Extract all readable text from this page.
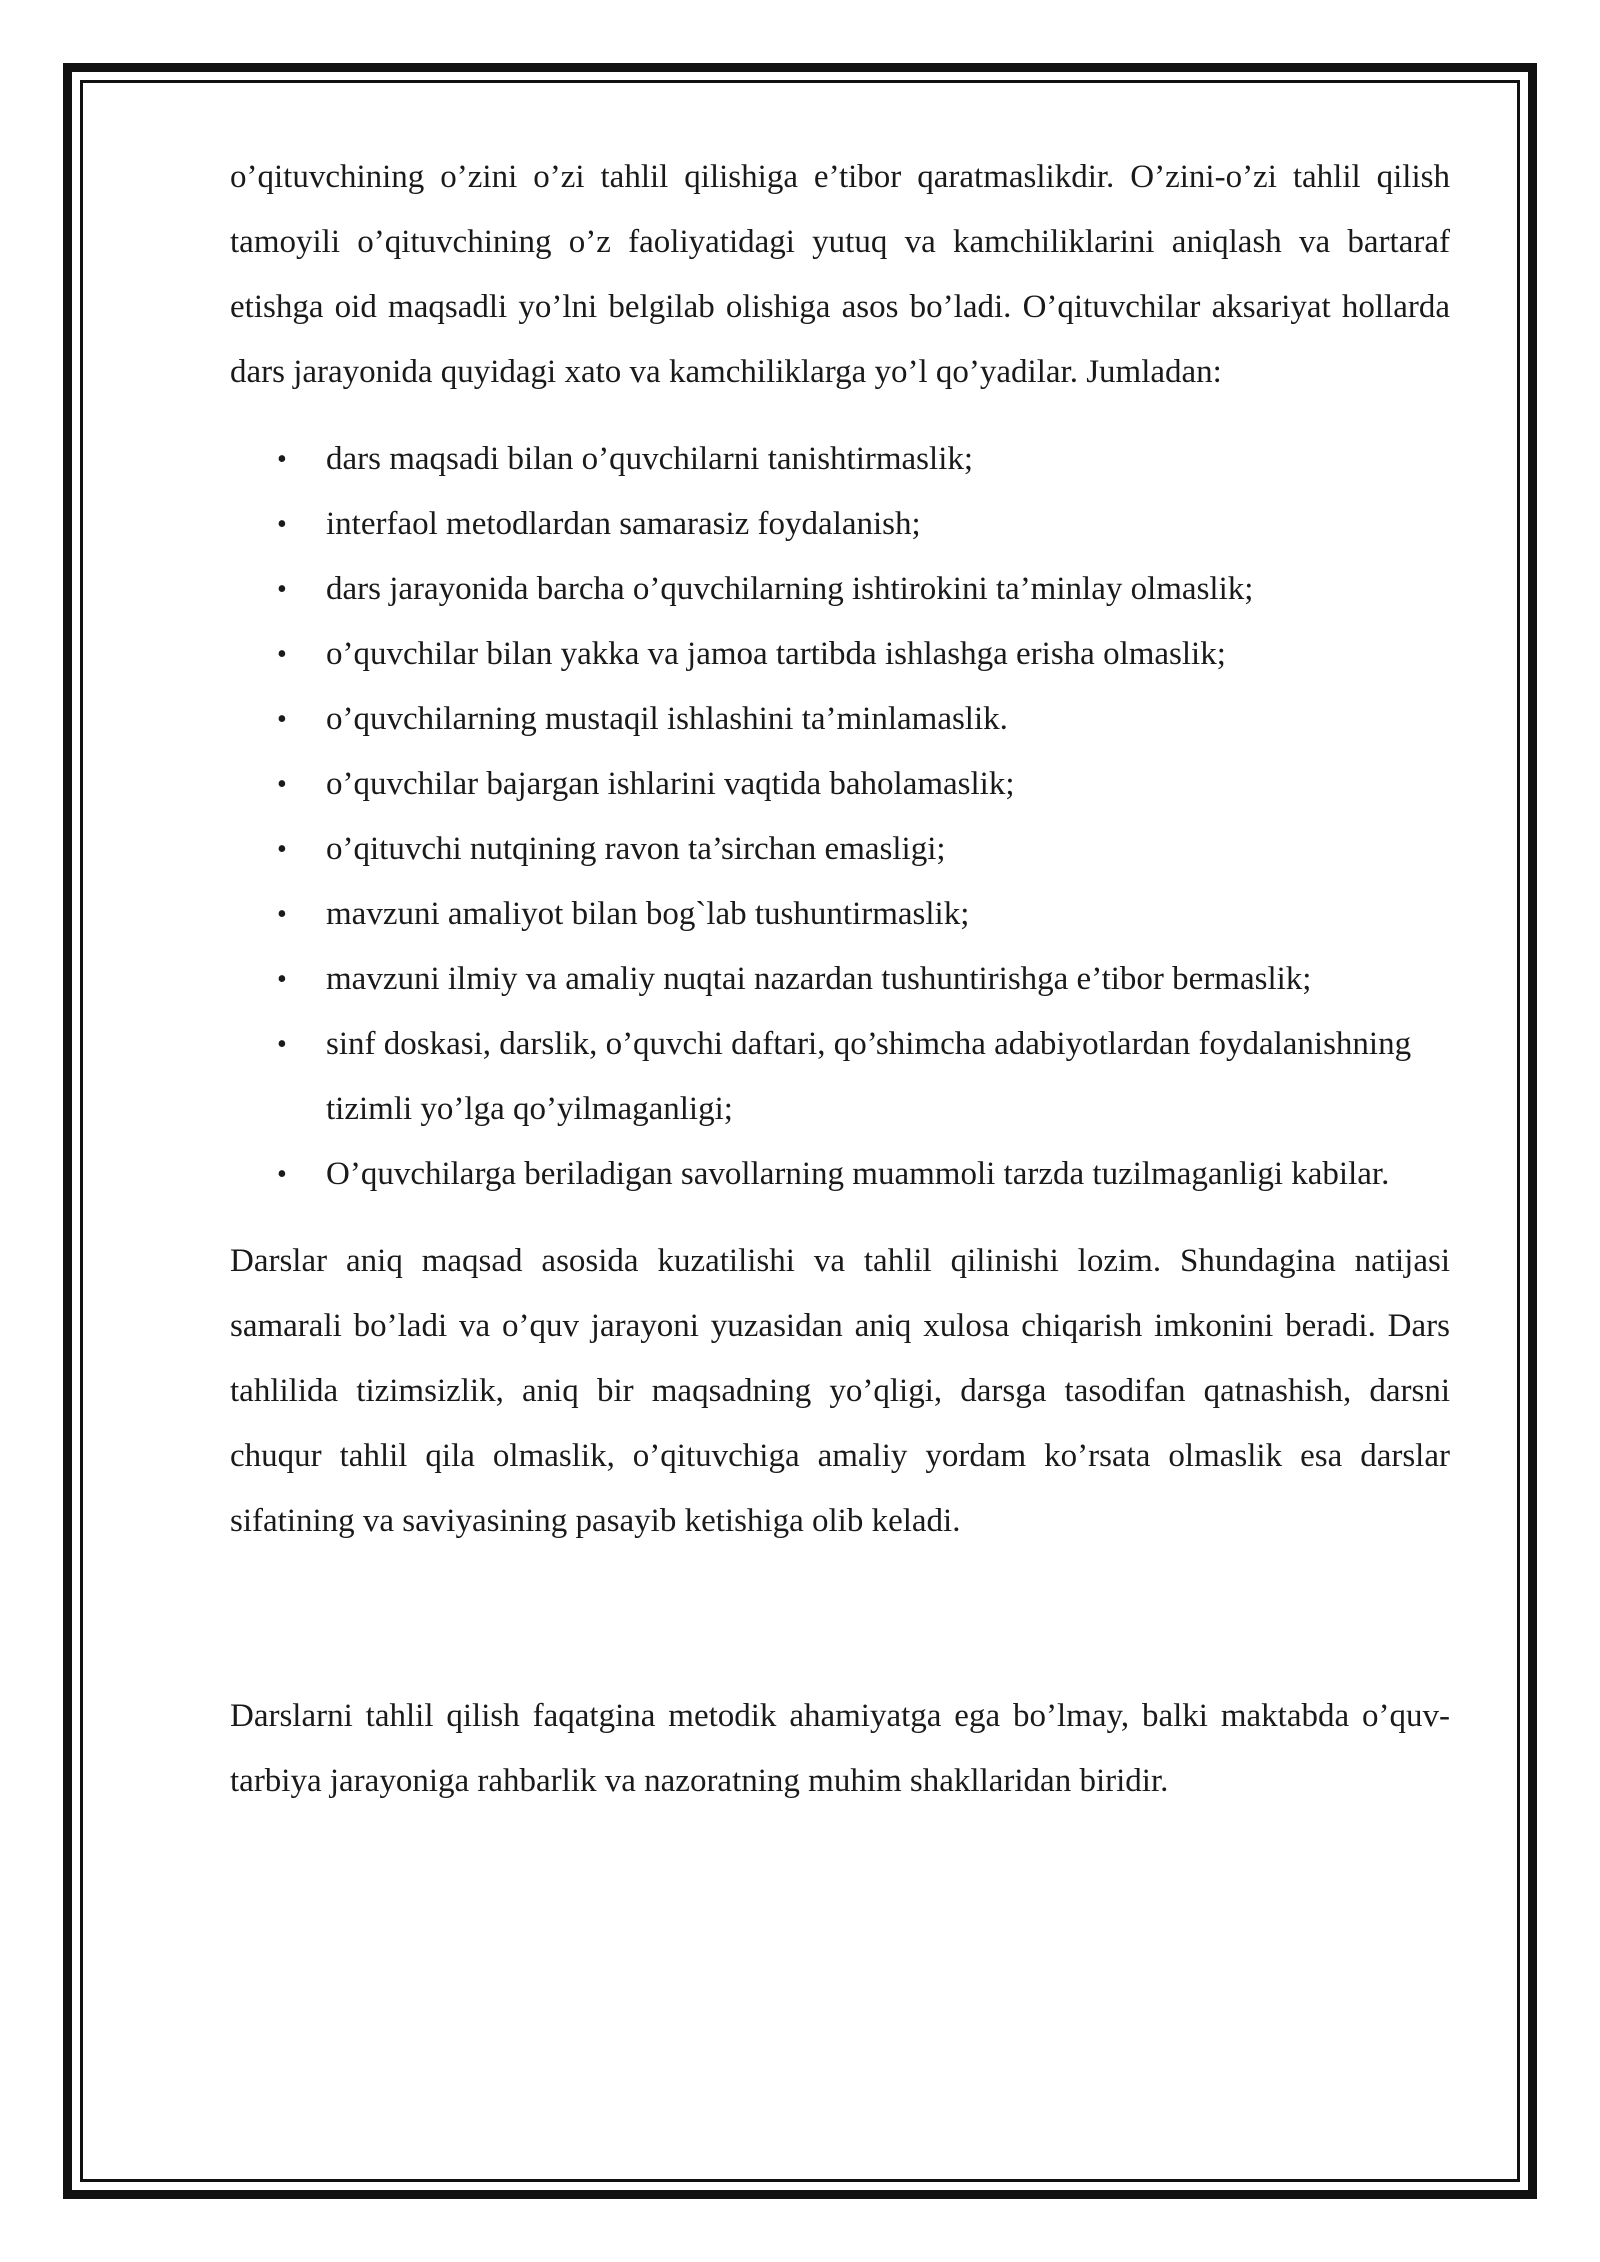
o’qituvchining o’zini o’zi tahlil qilishiga e’tibor qaratmaslikdir. O’zini-o’zi tahlil qilish tamoyili o’qituvchining o’z faoliyatidagi yutuq va kamchiliklarini aniqlash va bartaraf etishga oid maqsadli yo’lni belgilab olishiga asos bo’ladi. O’qituvchilar aksariyat hollarda dars jarayonida quyidagi xato va kamchiliklarga yo’l qo’yadilar. Jumladan:

• dars maqsadi bilan o’quvchilarni tanishtirmaslik;
• interfaol metodlardan samarasiz foydalanish;
• dars jarayonida barcha o’quvchilarning ishtirokini ta’minlay olmaslik;
• o’quvchilar bilan yakka va jamoa tartibda ishlashga erisha olmaslik;
• o’quvchilarning mustaqil ishlashini ta’minlamaslik.
• o’quvchilar bajargan ishlarini vaqtida baholamaslik;
• o’qituvchi nutqining ravon ta’sirchan emasligi;
• mavzuni amaliyot bilan bog`lab tushuntirmaslik;
• mavzuni ilmiy va amaliy nuqtai nazardan tushuntirishga e’tibor bermaslik;
• sinf doskasi, darslik, o’quvchi daftari, qo’shimcha adabiyotlardan foydalanishning tizimli yo’lga qo’yilmaganligi;
• O’quvchilarga beriladigan savollarning muammoli tarzda tuzilmaganligi kabilar.

Darslar aniq maqsad asosida kuzatilishi va tahlil qilinishi lozim. Shundagina natijasi samarali bo’ladi va o’quv jarayoni yuzasidan aniq xulosa chiqarish imkonini beradi. Dars tahlilida tizimsizlik, aniq bir maqsadning yo’qligi, darsga tasodifan qatnashish, darsni chuqur tahlil qila olmaslik, o’qituvchiga amaliy yordam ko’rsata olmaslik esa darslar sifatining va saviyasining pasayib ketishiga olib keladi.

Darslarni tahlil qilish faqatgina metodik ahamiyatga ega bo’lmay, balki maktabda o’quv-tarbiya jarayoniga rahbarlik va nazoratning muhim shakllaridan biridir.
